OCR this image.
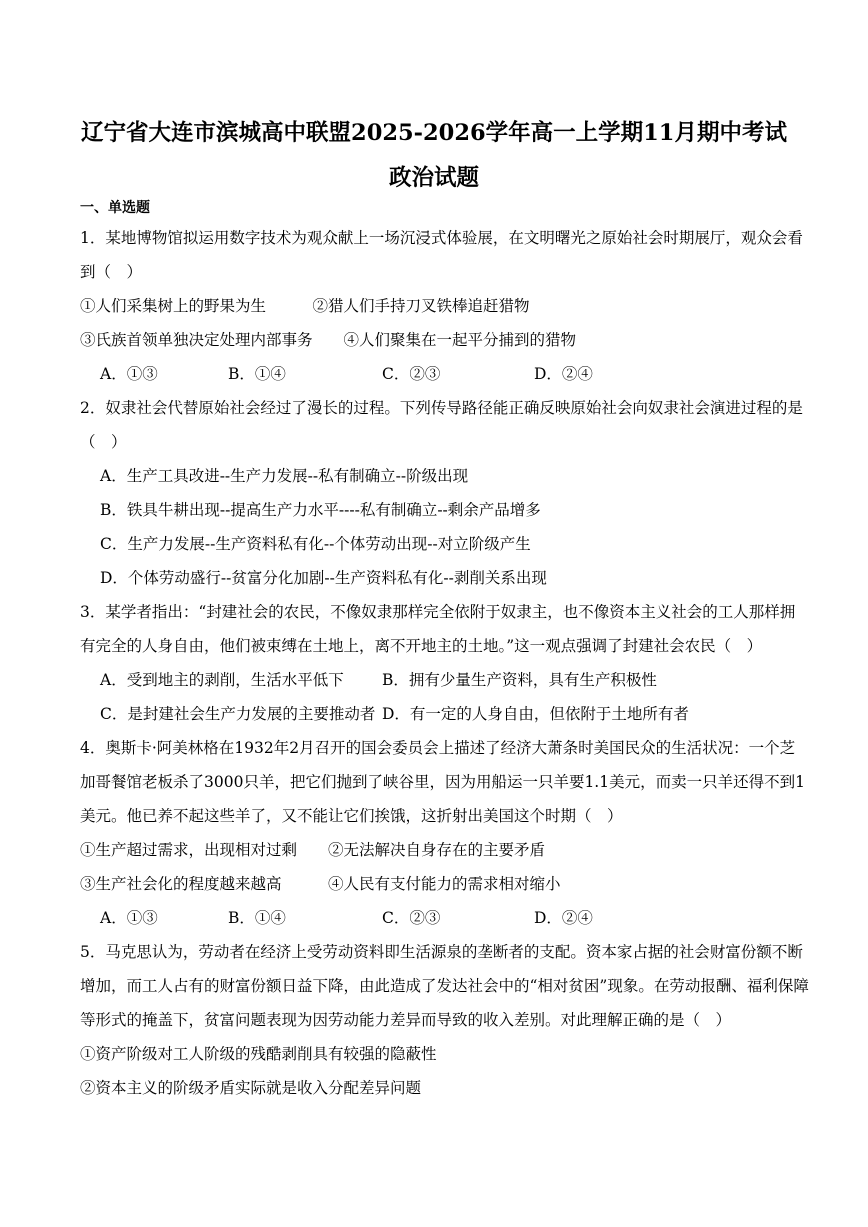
辽宁省大连市滨城高中联盟2025-2026学年高一上学期11月期中考试
政治试题
一、单选题
1．某地博物馆拟运用数字技术为观众献上一场沉浸式体验展，在文明曙光之原始社会时期展厅，观众会看
到（　）
①人们采集树上的野果为生　　　②猎人们手持刀叉铁棒追赶猎物
③氏族首领单独决定处理内部事务　　④人们聚集在一起平分捕到的猎物
A．①③	B．①④	C．②③	D．②④
2．奴隶社会代替原始社会经过了漫长的过程。下列传导路径能正确反映原始社会向奴隶社会演进过程的是
（　）
A．生产工具改进--生产力发展--私有制确立--阶级出现
B．铁具牛耕出现--提高生产力水平----私有制确立--剩余产品增多
C．生产力发展--生产资料私有化--个体劳动出现--对立阶级产生
D．个体劳动盛行--贫富分化加剧--生产资料私有化--剥削关系出现
3．某学者指出：“封建社会的农民，不像奴隶那样完全依附于奴隶主，也不像资本主义社会的工人那样拥
有完全的人身自由，他们被束缚在土地上，离不开地主的土地。”这一观点强调了封建社会农民（　）
A．受到地主的剥削，生活水平低下 B．拥有少量生产资料，具有生产积极性
C．是封建社会生产力发展的主要推动者 D．有一定的人身自由，但依附于土地所有者
4．奥斯卡·阿美林格在1932年2月召开的国会委员会上描述了经济大萧条时美国民众的生活状况：一个芝
加哥餐馆老板杀了3000只羊，把它们抛到了峡谷里，因为用船运一只羊要1.1美元，而卖一只羊还得不到1
美元。他已养不起这些羊了，又不能让它们挨饿，这折射出美国这个时期（　）
①生产超过需求，出现相对过剩　　②无法解决自身存在的主要矛盾
③生产社会化的程度越来越高　　　④人民有支付能力的需求相对缩小
A．①③	B．①④	C．②③	D．②④
5．马克思认为，劳动者在经济上受劳动资料即生活源泉的垄断者的支配。资本家占据的社会财富份额不断
增加，而工人占有的财富份额日益下降，由此造成了发达社会中的“相对贫困”现象。在劳动报酬、福利保障
等形式的掩盖下，贫富问题表现为因劳动能力差异而导致的收入差别。对此理解正确的是（　）
①资产阶级对工人阶级的残酷剥削具有较强的隐蔽性
②资本主义的阶级矛盾实际就是收入分配差异问题
